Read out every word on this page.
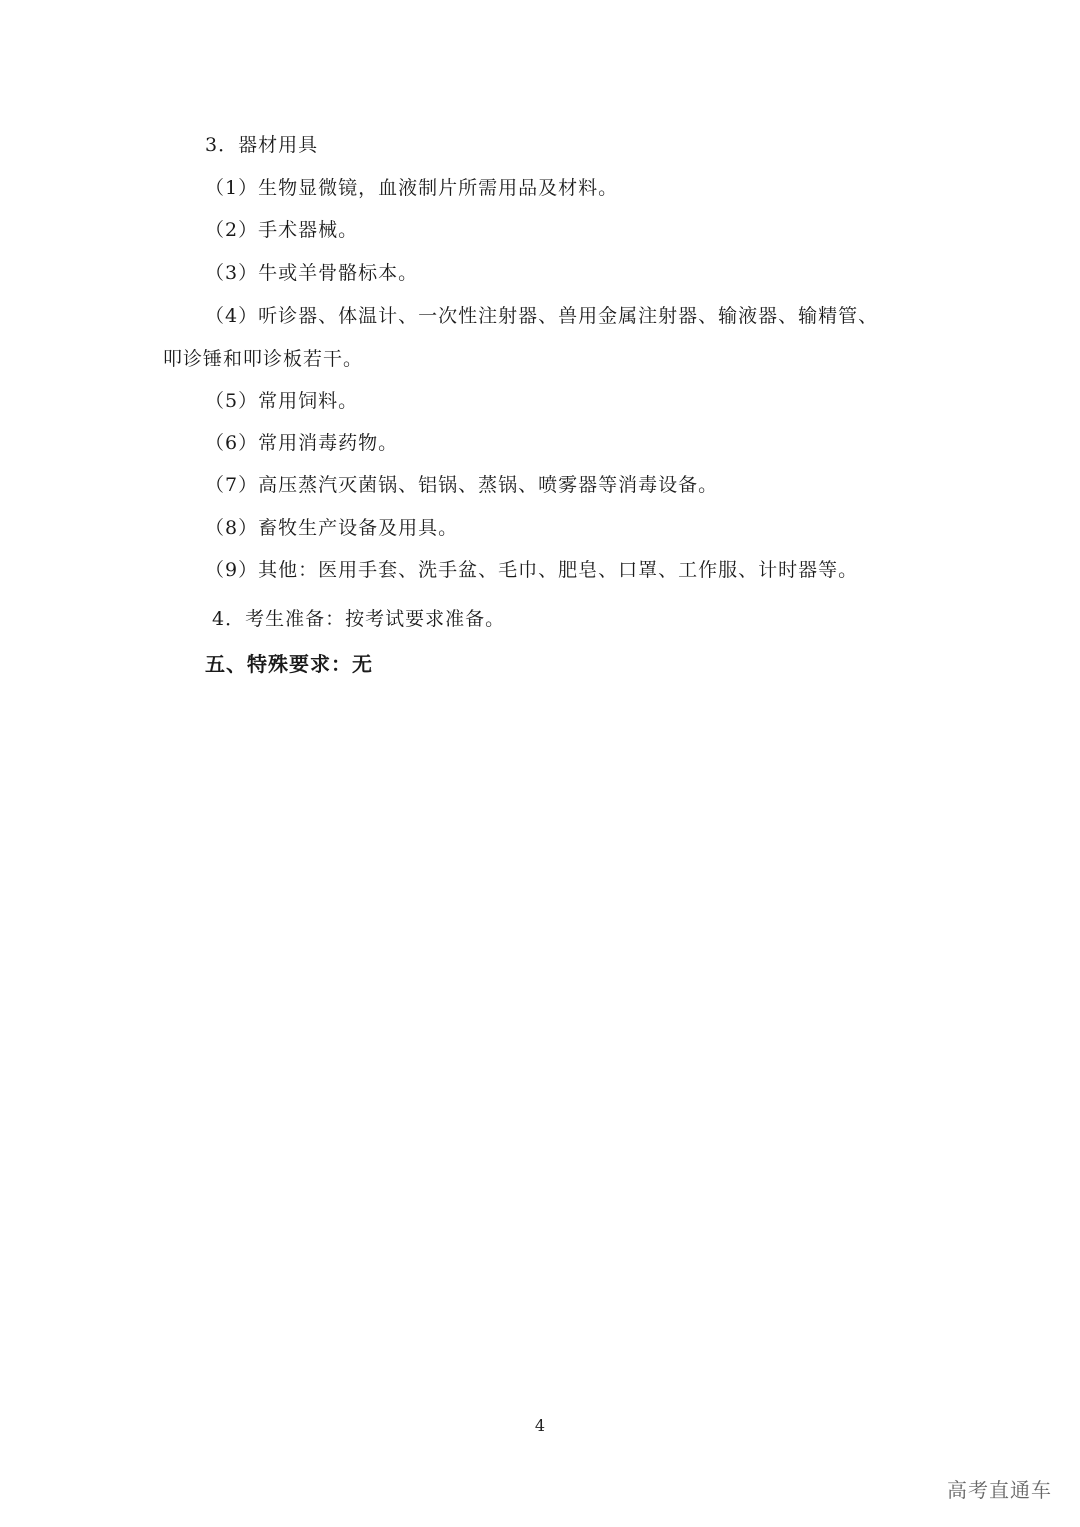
3．器材用具
（1）生物显微镜，血液制片所需用品及材料。
（2）手术器械。
（3）牛或羊骨骼标本。
（4）听诊器、体温计、一次性注射器、兽用金属注射器、输液器、输精管、
叩诊锤和叩诊板若干。
（5）常用饲料。
（6）常用消毒药物。
（7）高压蒸汽灭菌锅、铝锅、蒸锅、喷雾器等消毒设备。
（8）畜牧生产设备及用具。
（9）其他：医用手套、洗手盆、毛巾、肥皂、口罩、工作服、计时器等。
4．考生准备：按考试要求准备。
五、特殊要求：无
4
高考直通车
